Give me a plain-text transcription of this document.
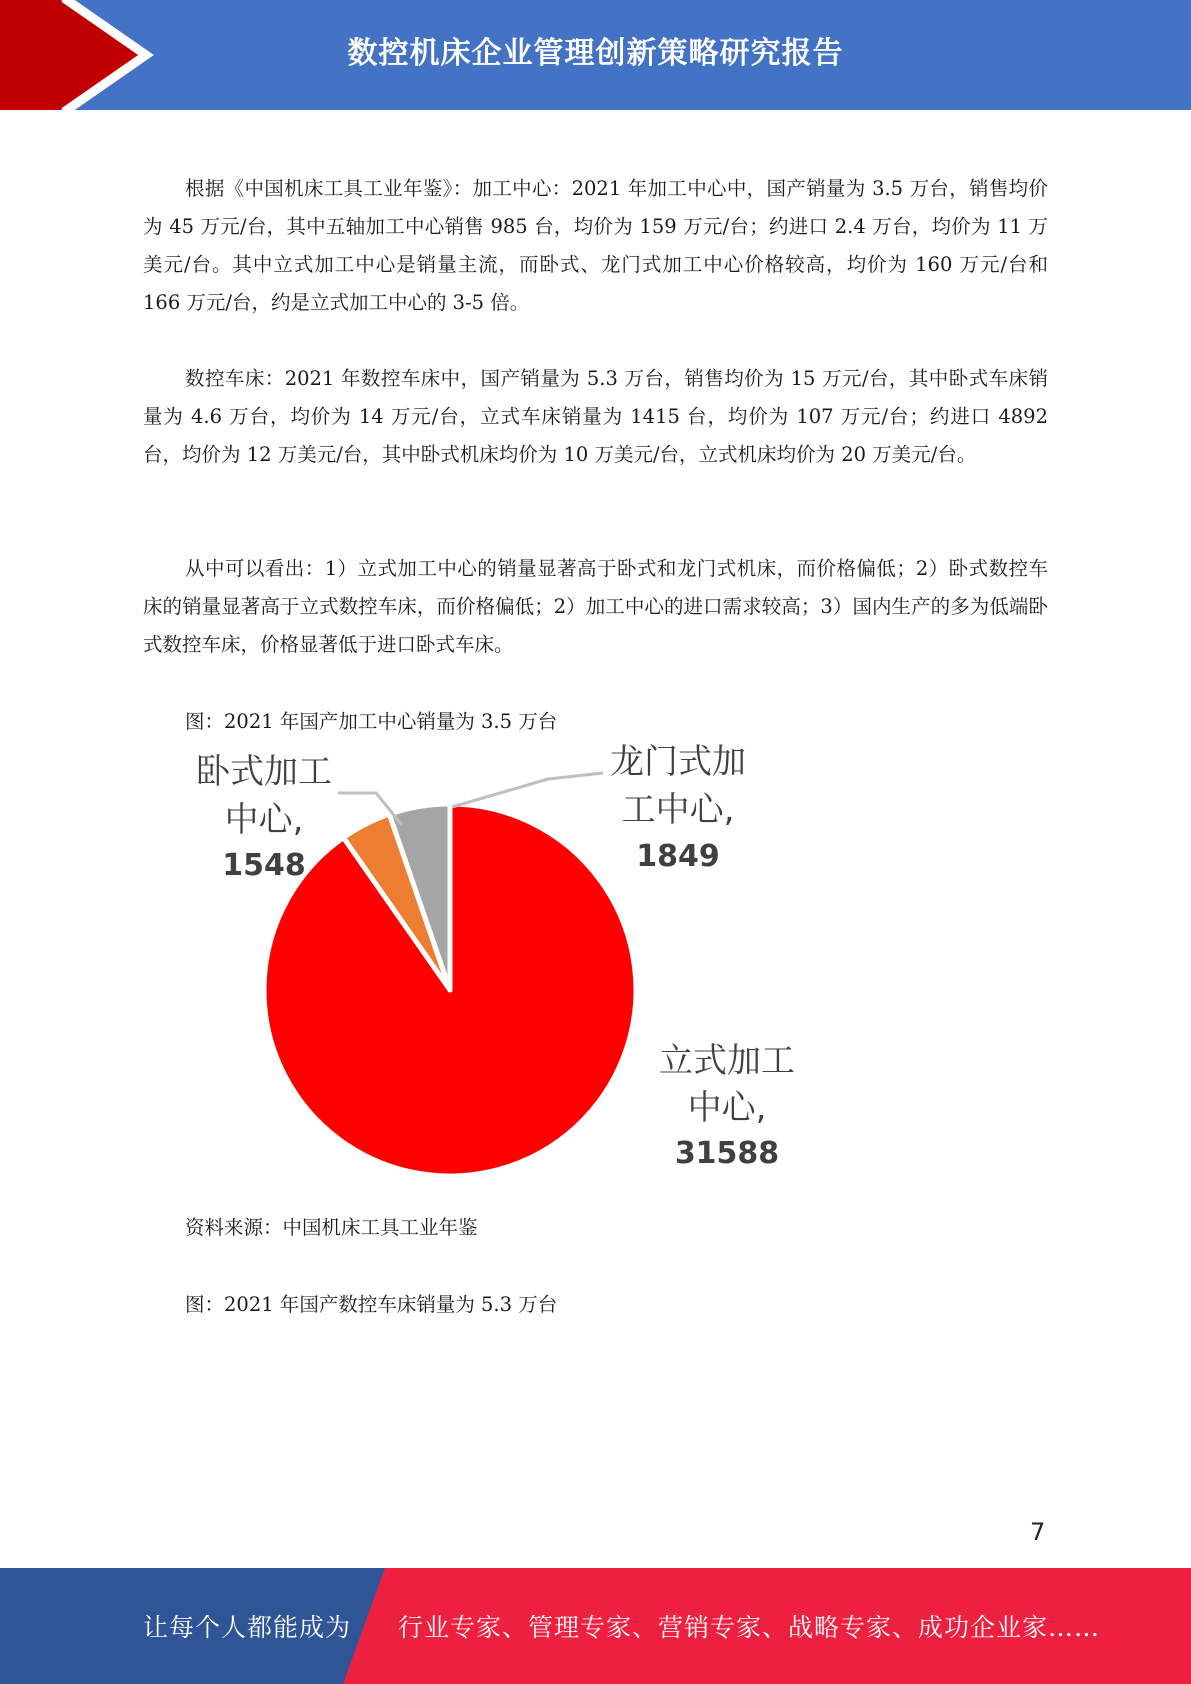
数控机床企业管理创新策略研究报告

根据《中国机床工具工业年鉴》：加工中心：2021 年加工中心中，国产销量为 3.5 万台，销售均价为 45 万元/台，其中五轴加工中心销售 985 台，均价为 159 万元/台；约进口 2.4 万台，均价为 11 万美元/台。其中立式加工中心是销量主流，而卧式、龙门式加工中心价格较高，均价为 160 万元/台和 166 万元/台，约是立式加工中心的 3-5 倍。

数控车床：2021 年数控车床中，国产销量为 5.3 万台，销售均价为 15 万元/台，其中卧式车床销量为 4.6 万台，均价为 14 万元/台，立式车床销量为 1415 台，均价为 107 万元/台；约进口 4892 台，均价为 12 万美元/台，其中卧式机床均价为 10 万美元/台，立式机床均价为 20 万美元/台。

从中可以看出：1）立式加工中心的销量显著高于卧式和龙门式机床，而价格偏低；2）卧式数控车床的销量显著高于立式数控车床，而价格偏低；2）加工中心的进口需求较高；3）国内生产的多为低端卧式数控车床，价格显著低于进口卧式车床。

图：2021 年国产加工中心销量为 3.5 万台
卧式加工
中心,
1548
龙门式加
工中心,
1849
立式加工
中心,
31588
资料来源：中国机床工具工业年鉴
图：2021 年国产数控车床销量为 5.3 万台
7
让每个人都能成为 行业专家、管理专家、营销专家、战略专家、成功企业家……
